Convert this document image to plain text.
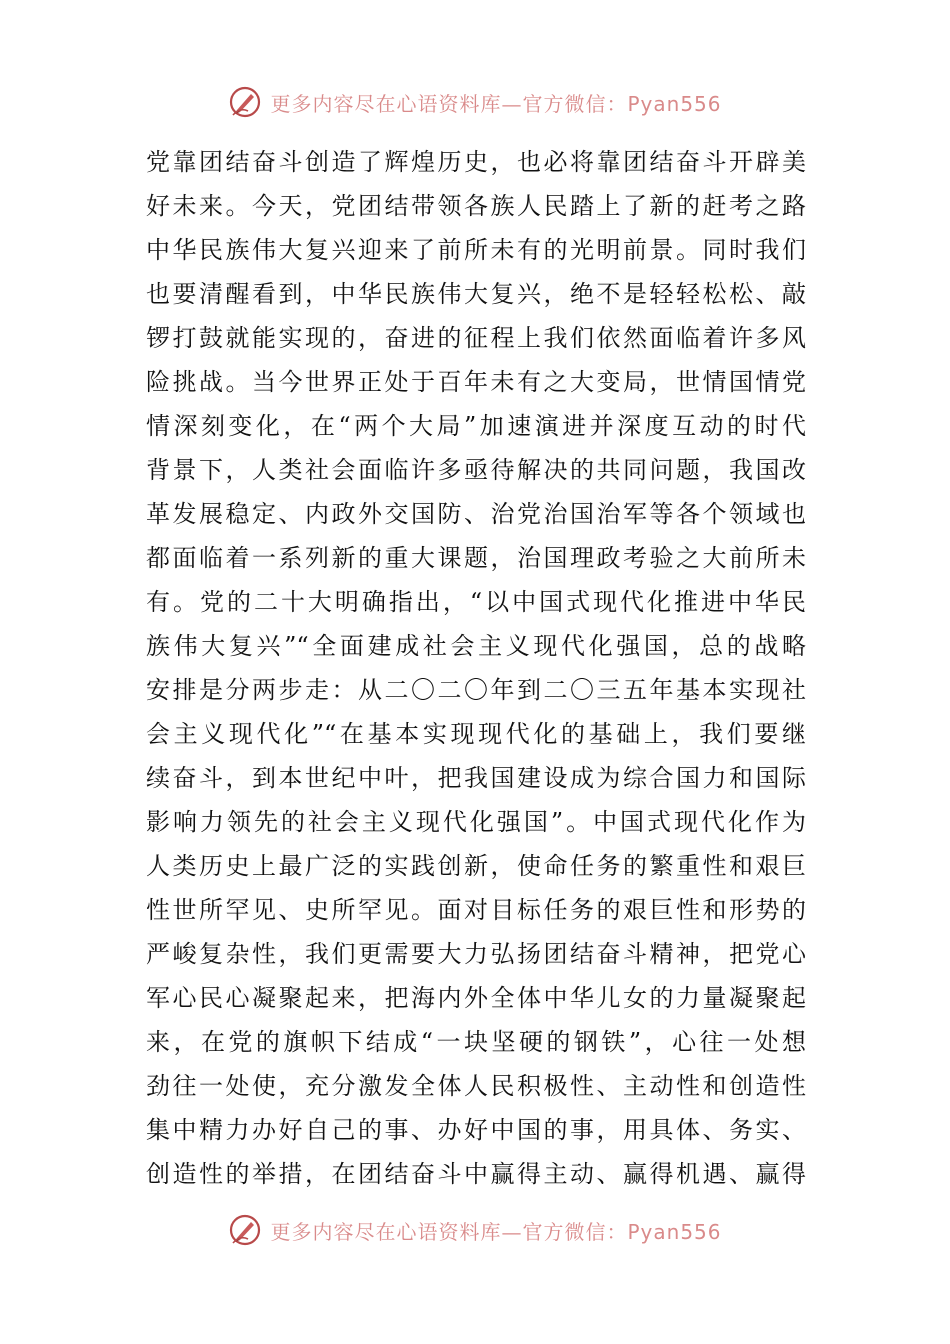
更多内容尽在心语资料库—官方微信：Pyan556
党靠团结奋斗创造了辉煌历史，也必将靠团结奋斗开辟美
好未来。今天，党团结带领各族人民踏上了新的赶考之路
中华民族伟大复兴迎来了前所未有的光明前景。同时我们
也要清醒看到，中华民族伟大复兴，绝不是轻轻松松、敲
锣打鼓就能实现的，奋进的征程上我们依然面临着许多风
险挑战。当今世界正处于百年未有之大变局，世情国情党
情深刻变化，在“两个大局”加速演进并深度互动的时代
背景下，人类社会面临许多亟待解决的共同问题，我国改
革发展稳定、内政外交国防、治党治国治军等各个领域也
都面临着一系列新的重大课题，治国理政考验之大前所未
有。党的二十大明确指出，“以中国式现代化推进中华民
族伟大复兴”“全面建成社会主义现代化强国，总的战略
安排是分两步走：从二〇二〇年到二〇三五年基本实现社
会主义现代化”“在基本实现现代化的基础上，我们要继
续奋斗，到本世纪中叶，把我国建设成为综合国力和国际
影响力领先的社会主义现代化强国”。中国式现代化作为
人类历史上最广泛的实践创新，使命任务的繁重性和艰巨
性世所罕见、史所罕见。面对目标任务的艰巨性和形势的
严峻复杂性，我们更需要大力弘扬团结奋斗精神，把党心
军心民心凝聚起来，把海内外全体中华儿女的力量凝聚起
来，在党的旗帜下结成“一块坚硬的钢铁”，心往一处想
劲往一处使，充分激发全体人民积极性、主动性和创造性
集中精力办好自己的事、办好中国的事，用具体、务实、
创造性的举措，在团结奋斗中赢得主动、赢得机遇、赢得
更多内容尽在心语资料库—官方微信：Pyan556
